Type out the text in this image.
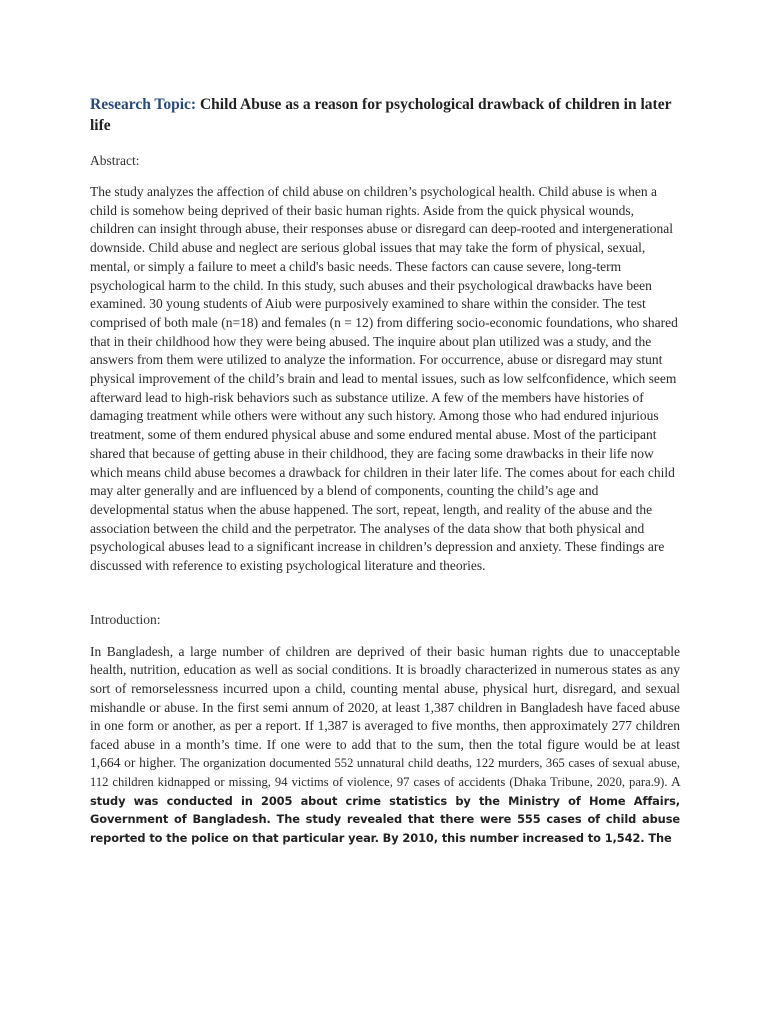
Research Topic: Child Abuse as a reason for psychological drawback of children in later life
Abstract:

The study analyzes the affection of child abuse on children’s psychological health. Child abuse is when a child is somehow being deprived of their basic human rights. Aside from the quick physical wounds, children can insight through abuse, their responses abuse or disregard can deep-rooted and intergenerational downside. Child abuse and neglect are serious global issues that may take the form of physical, sexual, mental, or simply a failure to meet a child's basic needs. These factors can cause severe, long-term psychological harm to the child. In this study, such abuses and their psychological drawbacks have been examined. 30 young students of Aiub were purposively examined to share within the consider. The test comprised of both male (n=18) and females (n = 12) from differing socio-economic foundations, who shared that in their childhood how they were being abused. The inquire about plan utilized was a study, and the answers from them were utilized to analyze the information. For occurrence, abuse or disregard may stunt physical improvement of the child’s brain and lead to mental issues, such as low selfconfidence, which seem afterward lead to high-risk behaviors such as substance utilize. A few of the members have histories of damaging treatment while others were without any such history. Among those who had endured injurious treatment, some of them endured physical abuse and some endured mental abuse. Most of the participant shared that because of getting abuse in their childhood, they are facing some drawbacks in their life now which means child abuse becomes a drawback for children in their later life. The comes about for each child may alter generally and are influenced by a blend of components, counting the child’s age and developmental status when the abuse happened. The sort, repeat, length, and reality of the abuse and the association between the child and the perpetrator. The analyses of the data show that both physical and psychological abuses lead to a significant increase in children’s depression and anxiety. These findings are discussed with reference to existing psychological literature and theories.

Introduction:

In Bangladesh, a large number of children are deprived of their basic human rights due to unacceptable health, nutrition, education as well as social conditions. It is broadly characterized in numerous states as any sort of remorselessness incurred upon a child, counting mental abuse, physical hurt, disregard, and sexual mishandle or abuse. In the first semi annum of 2020, at least 1,387 children in Bangladesh have faced abuse in one form or another, as per a report. If 1,387 is averaged to five months, then approximately 277 children faced abuse in a month’s time. If one were to add that to the sum, then the total figure would be at least 1,664 or higher. The organization documented 552 unnatural child deaths, 122 murders, 365 cases of sexual abuse, 112 children kidnapped or missing, 94 victims of violence, 97 cases of accidents (Dhaka Tribune, 2020, para.9). A study was conducted in 2005 about crime statistics by the Ministry of Home Affairs, Government of Bangladesh. The study revealed that there were 555 cases of child abuse reported to the police on that particular year. By 2010, this number increased to 1,542. The
